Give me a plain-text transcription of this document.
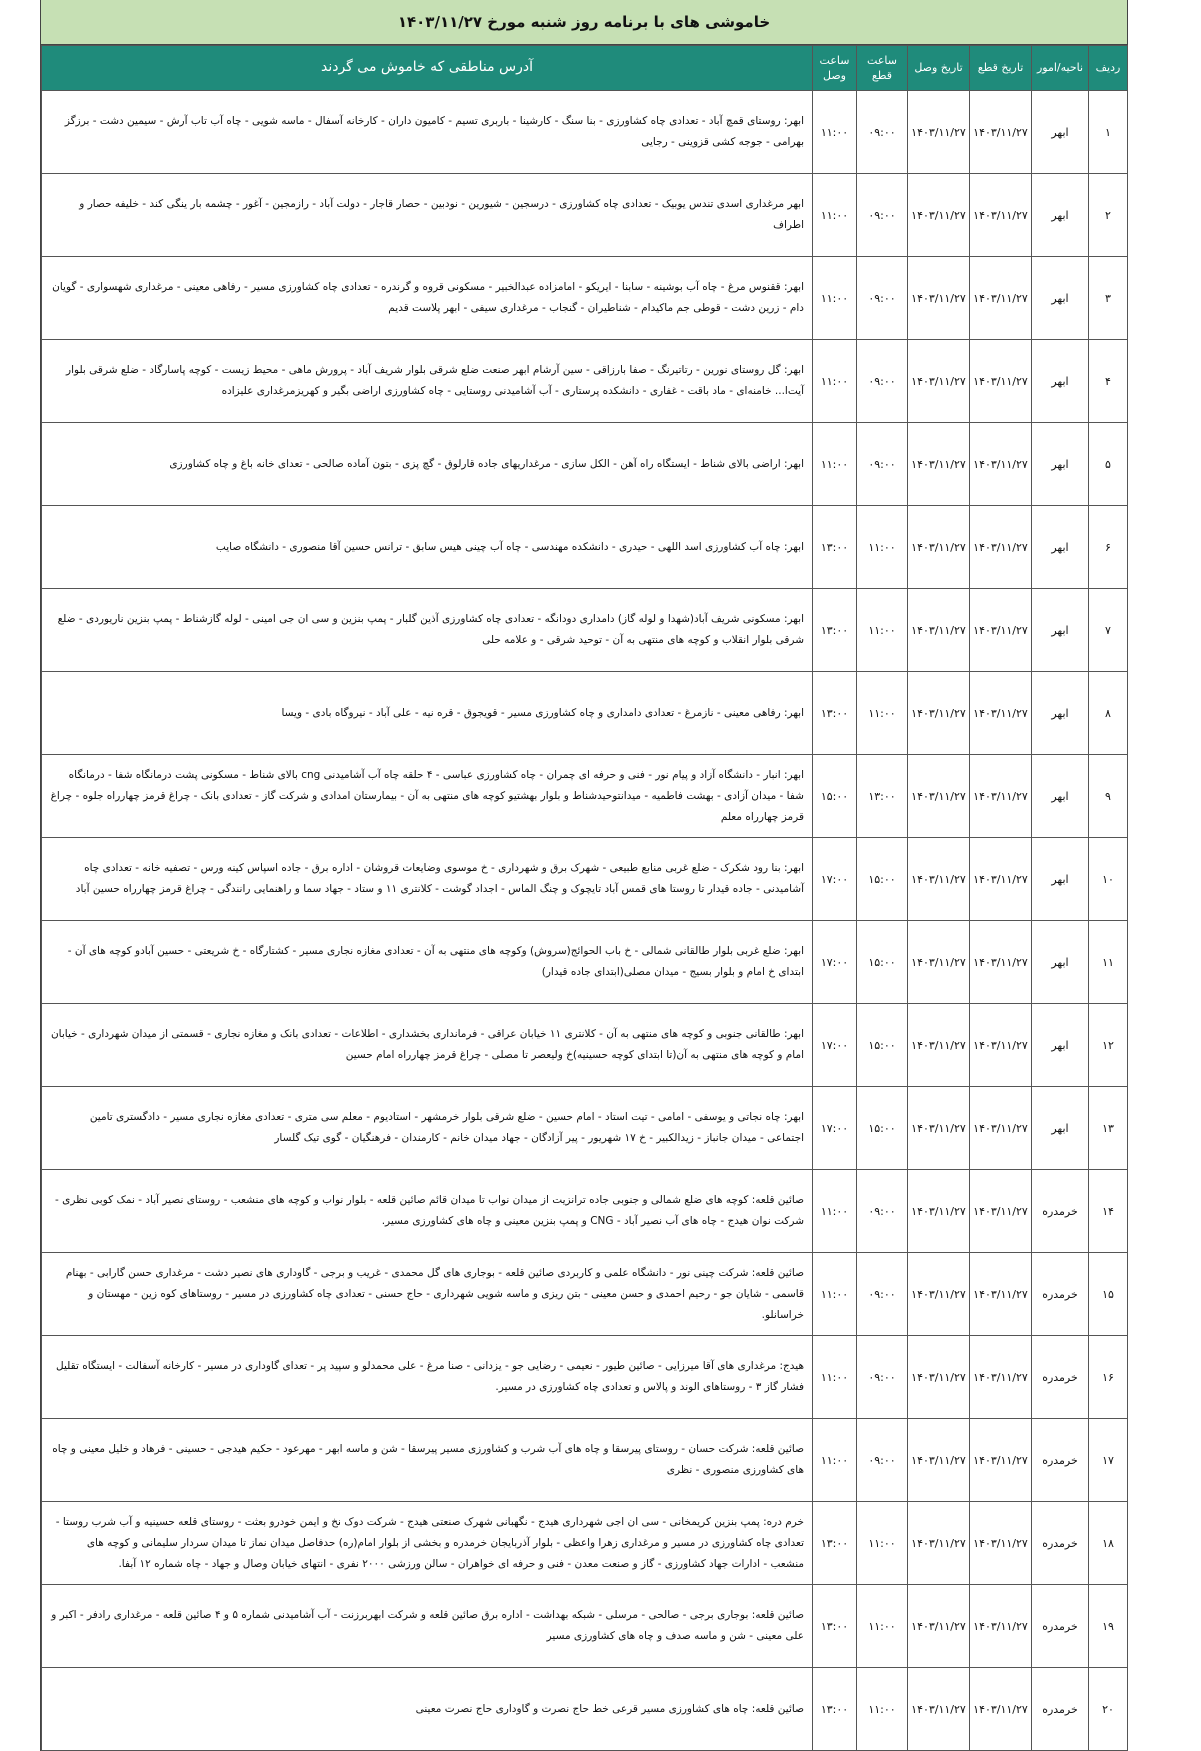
خاموشی های با برنامه روز شنبه مورخ ۱۴۰۳/۱۱/۲۷
ردیف	ناحیه/امور	تاریخ قطع	تاریخ وصل	ساعت قطع	ساعت وصل	آدرس مناطقی که خاموش می گردند
۱	ابهر	۱۴۰۳/۱۱/۲۷	۱۴۰۳/۱۱/۲۷	۰۹:۰۰	۱۱:۰۰	ابهر: روستای قمچ آباد - تعدادی چاه کشاورزی - بنا سنگ - کارشینا - باربری تسیم - کامیون داران - کارخانه آسفال - ماسه شویی - چاه آب تاب آرش - سیمین دشت - برزگز بهرامی - جوجه کشی قزوینی - رجایی
۲	ابهر	۱۴۰۳/۱۱/۲۷	۱۴۰۳/۱۱/۲۷	۰۹:۰۰	۱۱:۰۰	ابهر مرغداری اسدی تندس یوبیک - تعدادی چاه کشاورزی - درسجین - شیورین - نودبین - حصار قاجار - دولت آباد - رازمجین - آغور - چشمه بار ینگی کند - خلیفه حصار و اطراف
۳	ابهر	۱۴۰۳/۱۱/۲۷	۱۴۰۳/۱۱/۲۷	۰۹:۰۰	۱۱:۰۰	ابهر: ققنوس مرغ - چاه آب بوشینه - سابنا - ایریکو - امامزاده عبدالخبیر - مسکونی قروه و گرندره - تعدادی چاه کشاورزی مسیر - رفاهی معینی - مرغداری شهسواری - گویان دام - زرین دشت - قوطی جم ماکیدام - شناطیران - گنجاب - مرغداری سیفی - ابهر پلاست قدیم
۴	ابهر	۱۴۰۳/۱۱/۲۷	۱۴۰۳/۱۱/۲۷	۰۹:۰۰	۱۱:۰۰	ابهر: گل روستای نورین - رتاتیرنگ - صفا بارزاقی - سین آرشام ابهر صنعت ضلع شرقی بلوار شریف آباد - پرورش ماهی - محیط زیست - کوچه پاسارگاد - ضلع شرقی بلوار آیت‌ا... خامنه‌ای - ماد باقت - غفاری - دانشکده پرستاری - آب آشامیدنی روستایی - چاه کشاورزی اراضی بگیر و کهریزمرغداری علیزاده
۵	ابهر	۱۴۰۳/۱۱/۲۷	۱۴۰۳/۱۱/۲۷	۰۹:۰۰	۱۱:۰۰	ابهر: اراضی بالای شناط - ایستگاه راه آهن - الکل سازی - مرغداریهای جاده قارلوق - گچ پزی - بتون آماده صالحی - تعدای خانه باغ و چاه کشاورزی
۶	ابهر	۱۴۰۳/۱۱/۲۷	۱۴۰۳/۱۱/۲۷	۱۱:۰۰	۱۳:۰۰	ابهر: چاه آب کشاورزی اسد اللهی - حیدری - دانشکده مهندسی - چاه آب چینی هیس سابق - ترانس حسین آقا منصوری - دانشگاه صایب
۷	ابهر	۱۴۰۳/۱۱/۲۷	۱۴۰۳/۱۱/۲۷	۱۱:۰۰	۱۳:۰۰	ابهر: مسکونی شریف آباد(شهدا و لوله گاز) دامداری دودانگه - تعدادی چاه کشاورزی آذین گلبار - پمپ بنزین و سی ان جی امینی - لوله گازشناط - پمپ بنزین ناریوردی - ضلع شرقی بلوار انقلاب و کوچه های منتهی به آن - توحید شرقی - و علامه حلی
۸	ابهر	۱۴۰۳/۱۱/۲۷	۱۴۰۳/۱۱/۲۷	۱۱:۰۰	۱۳:۰۰	ابهر: رفاهی معینی - نازمرغ - تعدادی دامداری و چاه کشاورزی مسیر - قویجوق - قره نیه - علی آباد - نیروگاه بادی - ویسا
۹	ابهر	۱۴۰۳/۱۱/۲۷	۱۴۰۳/۱۱/۲۷	۱۳:۰۰	۱۵:۰۰	ابهر: انبار - دانشگاه آزاد و پیام نور - فنی و حرفه ای چمران - چاه کشاورزی عباسی - ۴ حلقه چاه آب آشامیدنی cng بالای شناط - مسکونی پشت درمانگاه شفا - درمانگاه شفا - میدان آزادی - بهشت فاطمیه - میدانتوحیدشناط و بلوار بهشتیو کوچه های منتهی به آن - بیمارستان امدادی و شرکت گاز - تعدادی بانک - چراغ قرمز چهارراه جلوه - چراغ قرمز چهارراه معلم
۱۰	ابهر	۱۴۰۳/۱۱/۲۷	۱۴۰۳/۱۱/۲۷	۱۵:۰۰	۱۷:۰۰	ابهر: بنا رود شکرک - ضلع غربی منابع طبیعی - شهرک برق و شهرداری - خ موسوی وضایعات قروشان - اداره برق - جاده اسپاس کینه ورس - تصفیه خانه - تعدادی چاه آشامیدنی - جاده قیدار تا روستا های قمس آباد تایچوک و چنگ الماس - اجداد گوشت - کلانتری ۱۱ و ستاد - جهاد سما و راهنمایی رانندگی - چراغ قرمز چهارراه حسین آباد
۱۱	ابهر	۱۴۰۳/۱۱/۲۷	۱۴۰۳/۱۱/۲۷	۱۵:۰۰	۱۷:۰۰	ابهر: ضلع غربی بلوار طالقانی شمالی - خ باب الحوائج(سروش) وکوچه های منتهی به آن - تعدادی مغازه نجاری مسیر - کشتارگاه - خ شریعتی - حسین آبادو کوچه های آن - ابتدای خ امام و بلوار بسیج - میدان مصلی(ابتدای جاده قیدار)
۱۲	ابهر	۱۴۰۳/۱۱/۲۷	۱۴۰۳/۱۱/۲۷	۱۵:۰۰	۱۷:۰۰	ابهر: طالقانی جنوبی و کوچه های منتهی به آن - کلانتری ۱۱ خیابان عراقی - فرمانداری بخشداری - اطلاعات - تعدادی بانک و مغازه نجاری - قسمتی از میدان شهرداری - خیابان امام و کوچه های منتهی به آن(تا ابتدای کوچه حسینیه)خ ولیعصر تا مصلی - چراغ قرمز چهارراه امام حسین
۱۳	ابهر	۱۴۰۳/۱۱/۲۷	۱۴۰۳/۱۱/۲۷	۱۵:۰۰	۱۷:۰۰	ابهر: چاه نجاتی و یوسفی - امامی - تیت استاد - امام حسین - ضلع شرقی بلوار خرمشهر - استادیوم - معلم سی متری - تعدادی مغازه نجاری مسیر - دادگستری تامین اجتماعی - میدان جانباز - زیدالکبیر - خ ۱۷ شهریور - پیر آزادگان - جهاد میدان خانم - کارمندان - فرهنگیان - گوی تیک گلسار
۱۴	خرمدره	۱۴۰۳/۱۱/۲۷	۱۴۰۳/۱۱/۲۷	۰۹:۰۰	۱۱:۰۰	صائین قلعه: کوچه های ضلع شمالی و جنوبی جاده ترانزیت از میدان نواب تا میدان قائم صائین قلعه - بلوار نواب و کوچه های منشعب - روستای نصیر آباد - نمک کوبی نظری - شرکت نوان هیدج - چاه های آب نصیر آباد - CNG و پمپ بنزین معینی و چاه های کشاورزی مسیر.
۱۵	خرمدره	۱۴۰۳/۱۱/۲۷	۱۴۰۳/۱۱/۲۷	۰۹:۰۰	۱۱:۰۰	صائین قلعه: شرکت چینی نور - دانشگاه علمی و کاربردی صائین قلعه - بوجاری های گل محمدی - غریب و برجی - گاوداری های نصیر دشت - مرغداری حسن گارابی - بهنام قاسمی - شایان جو - رحیم احمدی و حسن معینی - بتن ریزی و ماسه شویی شهرداری - حاج حسنی - تعدادی چاه کشاورزی در مسیر - روستاهای کوه زین - مهستان و خراسانلو.
۱۶	خرمدره	۱۴۰۳/۱۱/۲۷	۱۴۰۳/۱۱/۲۷	۰۹:۰۰	۱۱:۰۰	هیدج: مرغداری های آقا میرزایی - صائین طیور - نعیمی - رضایی جو - یزدانی - صنا مرغ - علی محمدلو و سپید پر - تعدای گاوداری در مسیر - کارخانه آسفالت - ایستگاه تقلیل فشار گاز ۳ - روستاهای الوند و پالاس و تعدادی چاه کشاورزی در مسیر.
۱۷	خرمدره	۱۴۰۳/۱۱/۲۷	۱۴۰۳/۱۱/۲۷	۰۹:۰۰	۱۱:۰۰	صائین قلعه: شرکت حسان - روستای پیرسقا و چاه های آب شرب و کشاورزی مسیر پیرسقا - شن و ماسه ابهر - مهرعود - حکیم هیدجی - حسینی - فرهاد و خلیل معینی و چاه های کشاورزی منصوری - نظری
۱۸	خرمدره	۱۴۰۳/۱۱/۲۷	۱۴۰۳/۱۱/۲۷	۱۱:۰۰	۱۳:۰۰	خرم دره: پمپ بنزین کریمخانی - سی ان اجی شهرداری هیدج - نگهبانی شهرک صنعتی هیدج - شرکت دوک نخ و ایمن خودرو بعثت - روستای قلعه حسینیه و آب شرب روستا - تعدادی چاه کشاورزی در مسیر و مرغداری زهرا واعظی - بلوار آذربایجان خرمدره و بخشی از بلوار امام(ره) حدفاصل میدان نماز تا میدان سردار سلیمانی و کوچه های منشعب - ادارات جهاد کشاورزی - گاز و صنعت معدن - فنی و حرفه ای خواهران - سالن ورزشی ۲۰۰۰ نفری - انتهای خیابان وصال و جهاد - چاه شماره ۱۲ آبفا.
۱۹	خرمدره	۱۴۰۳/۱۱/۲۷	۱۴۰۳/۱۱/۲۷	۱۱:۰۰	۱۳:۰۰	صائین قلعه: بوجاری برجی - صالحی - مرسلی - شبکه بهداشت - اداره برق صائین قلعه و شرکت ابهربرزنت - آب آشامیدنی شماره ۵ و ۴ صائین قلعه - مرغداری رادفر - اکبر و علی معینی - شن و ماسه صدف و چاه های کشاورزی مسیر
۲۰	خرمدره	۱۴۰۳/۱۱/۲۷	۱۴۰۳/۱۱/۲۷	۱۱:۰۰	۱۳:۰۰	صائین قلعه: چاه های کشاورزی مسیر قرعی خط حاج نصرت و گاوداری حاج نصرت معینی
